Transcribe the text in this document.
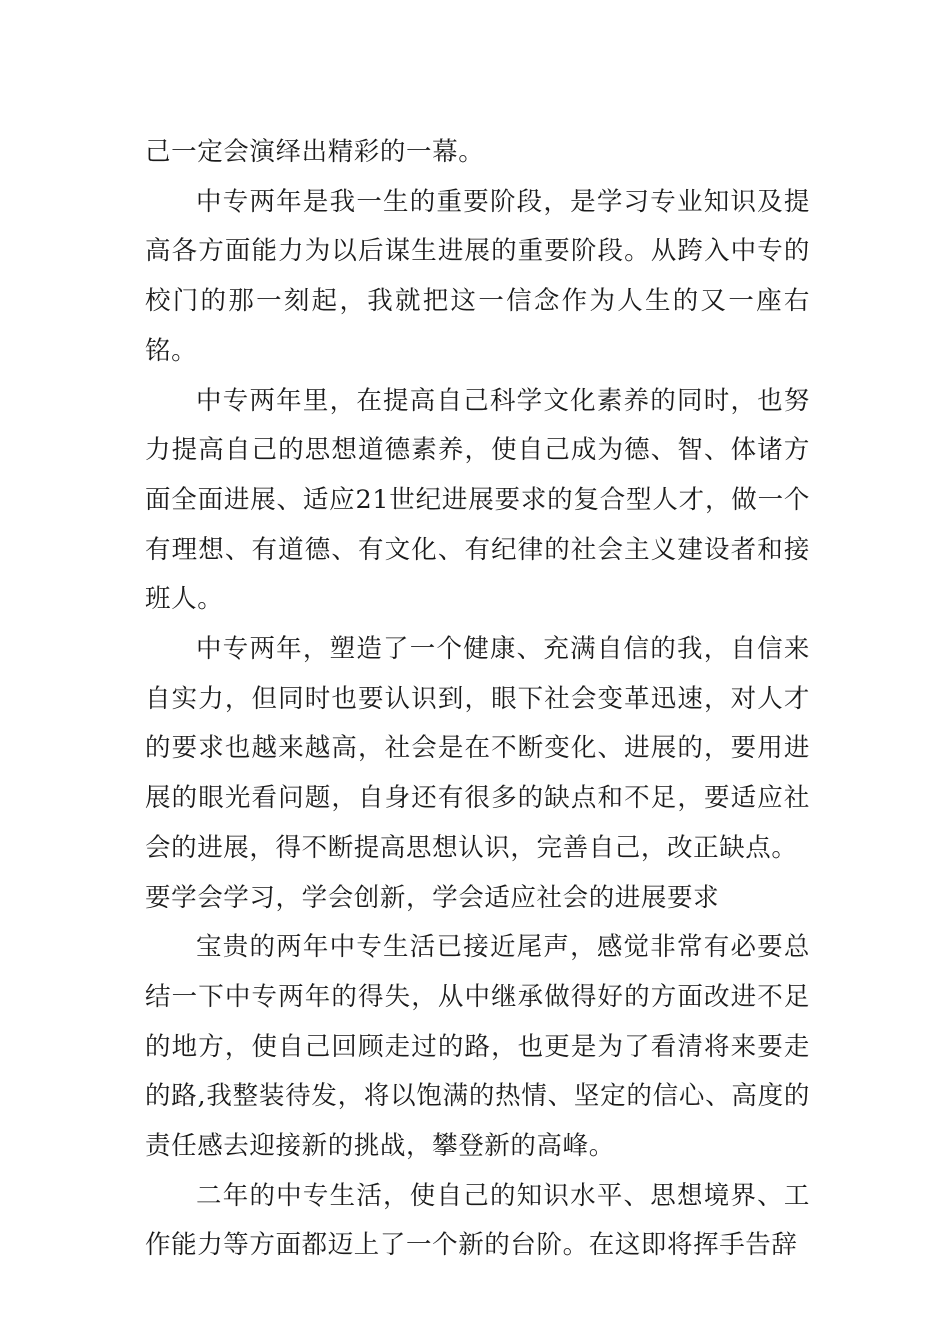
己一定会演绎出精彩的一幕。

中专两年是我一生的重要阶段，是学习专业知识及提高各方面能力为以后谋生进展的重要阶段。从跨入中专的校门的那一刻起，我就把这一信念作为人生的又一座右铭。

中专两年里，在提高自己科学文化素养的同时，也努力提高自己的思想道德素养，使自己成为德、智、体诸方面全面进展、适应21世纪进展要求的复合型人才，做一个有理想、有道德、有文化、有纪律的社会主义建设者和接班人。

中专两年，塑造了一个健康、充满自信的我，自信来自实力，但同时也要认识到，眼下社会变革迅速，对人才的要求也越来越高，社会是在不断变化、进展的，要用进展的眼光看问题，自身还有很多的缺点和不足，要适应社会的进展，得不断提高思想认识，完善自己，改正缺点。

要学会学习，学会创新，学会适应社会的进展要求

宝贵的两年中专生活已接近尾声，感觉非常有必要总结一下中专两年的得失，从中继承做得好的方面改进不足的地方，使自己回顾走过的路，也更是为了看清将来要走的路,我整装待发，将以饱满的热情、坚定的信心、高度的责任感去迎接新的挑战，攀登新的高峰。

二年的中专生活，使自己的知识水平、思想境界、工作能力等方面都迈上了一个新的台阶。在这即将挥手告辞
